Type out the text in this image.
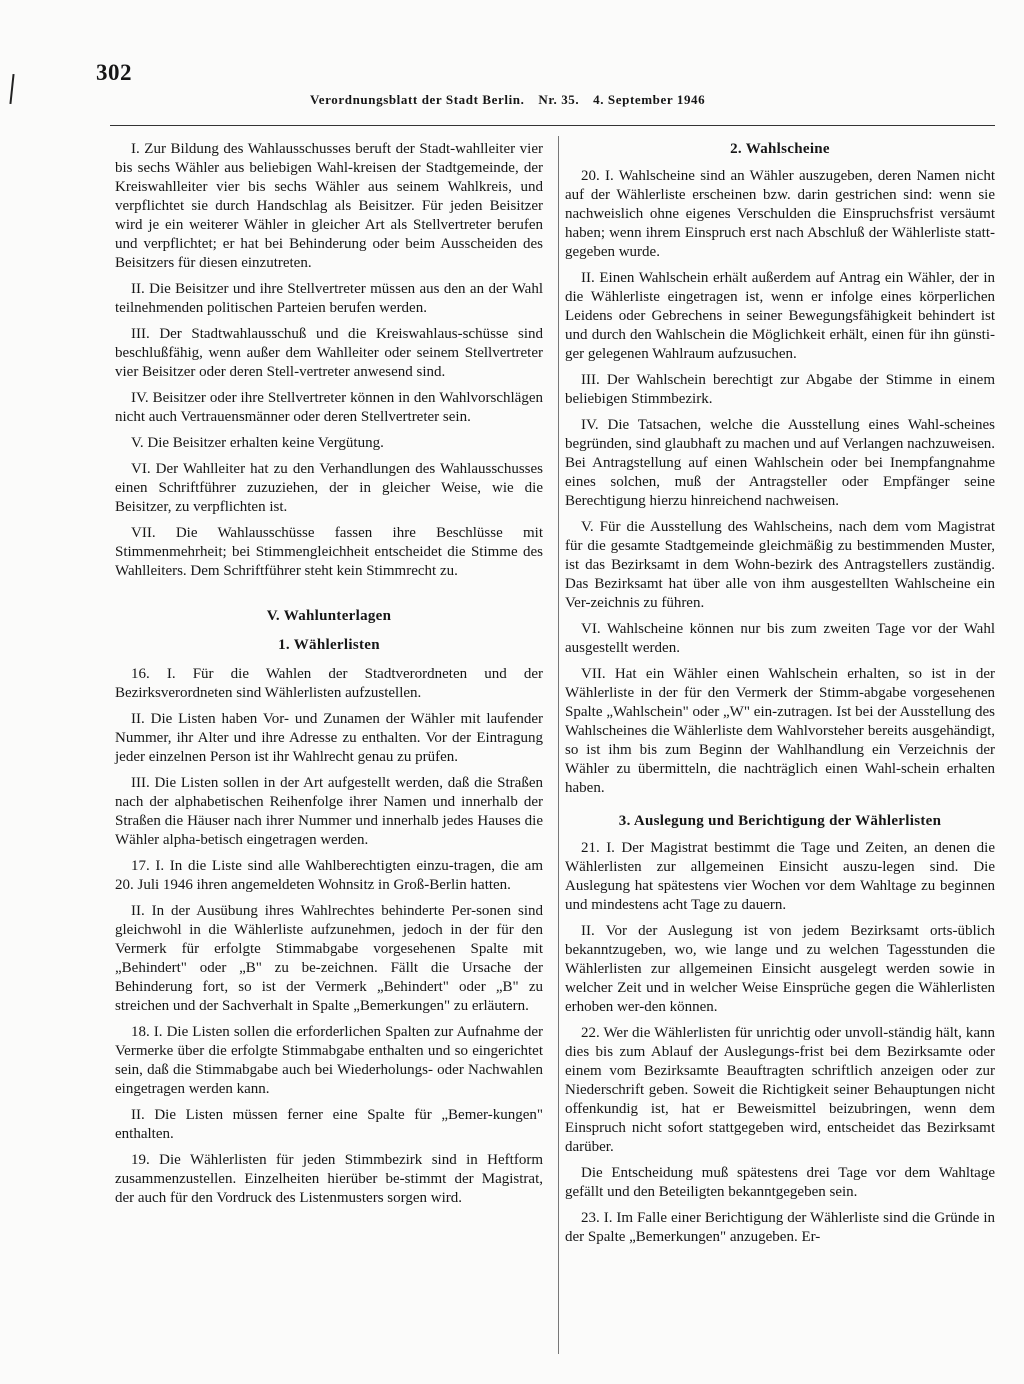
302
Verordnungsblatt der Stadt Berlin. Nr. 35. 4. September 1946

I. Zur Bildung des Wahlausschusses beruft der Stadt-wahlleiter vier bis sechs Wähler aus beliebigen Wahl-kreisen der Stadtgemeinde, der Kreiswahlleiter vier bis sechs Wähler aus seinem Wahlkreis, und verpflichtet sie durch Handschlag als Beisitzer. Für jeden Beisitzer wird je ein weiterer Wähler in gleicher Art als Stellvertreter berufen und verpflichtet; er hat bei Behinderung oder beim Ausscheiden des Beisitzers für diesen einzutreten.

II. Die Beisitzer und ihre Stellvertreter müssen aus den an der Wahl teilnehmenden politischen Parteien berufen werden.

III. Der Stadtwahlausschuß und die Kreiswahlaus-schüsse sind beschlußfähig, wenn außer dem Wahlleiter oder seinem Stellvertreter vier Beisitzer oder deren Stell-vertreter anwesend sind.

IV. Beisitzer oder ihre Stellvertreter können in den Wahlvorschlägen nicht auch Vertrauensmänner oder deren Stellvertreter sein.

V. Die Beisitzer erhalten keine Vergütung.

VI. Der Wahlleiter hat zu den Verhandlungen des Wahlausschusses einen Schriftführer zuzuziehen, der in gleicher Weise, wie die Beisitzer, zu verpflichten ist.

VII. Die Wahlausschüsse fassen ihre Beschlüsse mit Stimmenmehrheit; bei Stimmengleichheit entscheidet die Stimme des Wahlleiters. Dem Schriftführer steht kein Stimmrecht zu.

V. Wahlunterlagen
1. Wählerlisten

16. I. Für die Wahlen der Stadtverordneten und der Bezirksverordneten sind Wählerlisten aufzustellen.

II. Die Listen haben Vor- und Zunamen der Wähler mit laufender Nummer, ihr Alter und ihre Adresse zu enthalten. Vor der Eintragung jeder einzelnen Person ist ihr Wahlrecht genau zu prüfen.

III. Die Listen sollen in der Art aufgestellt werden, daß die Straßen nach der alphabetischen Reihenfolge ihrer Namen und innerhalb der Straßen die Häuser nach ihrer Nummer und innerhalb jedes Hauses die Wähler alpha-betisch eingetragen werden.

17. I. In die Liste sind alle Wahlberechtigten einzu-tragen, die am 20. Juli 1946 ihren angemeldeten Wohnsitz in Groß-Berlin hatten.

II. In der Ausübung ihres Wahlrechtes behinderte Per-sonen sind gleichwohl in die Wählerliste aufzunehmen, jedoch in der für den Vermerk für erfolgte Stimmabgabe vorgesehenen Spalte mit „Behindert" oder „B" zu be-zeichnen. Fällt die Ursache der Behinderung fort, so ist der Vermerk „Behindert" oder „B" zu streichen und der Sachverhalt in Spalte „Bemerkungen" zu erläutern.

18. I. Die Listen sollen die erforderlichen Spalten zur Aufnahme der Vermerke über die erfolgte Stimmabgabe enthalten und so eingerichtet sein, daß die Stimmabgabe auch bei Wiederholungs- oder Nachwahlen eingetragen werden kann.

II. Die Listen müssen ferner eine Spalte für „Bemer-kungen" enthalten.

19. Die Wählerlisten für jeden Stimmbezirk sind in Heftform zusammenzustellen. Einzelheiten hierüber be-stimmt der Magistrat, der auch für den Vordruck des Listenmusters sorgen wird.

2. Wahlscheine

20. I. Wahlscheine sind an Wähler auszugeben, deren Namen nicht auf der Wählerliste erscheinen bzw. darin gestrichen sind: wenn sie nachweislich ohne eigenes Verschulden die Einspruchsfrist versäumt haben; wenn ihrem Einspruch erst nach Abschluß der Wählerliste statt-gegeben wurde.

II. Einen Wahlschein erhält außerdem auf Antrag ein Wähler, der in die Wählerliste eingetragen ist, wenn er infolge eines körperlichen Leidens oder Gebrechens in seiner Bewegungsfähigkeit behindert ist und durch den Wahlschein die Möglichkeit erhält, einen für ihn günsti-ger gelegenen Wahlraum aufzusuchen.

III. Der Wahlschein berechtigt zur Abgabe der Stimme in einem beliebigen Stimmbezirk.

IV. Die Tatsachen, welche die Ausstellung eines Wahl-scheines begründen, sind glaubhaft zu machen und auf Verlangen nachzuweisen. Bei Antragstellung auf einen Wahlschein oder bei Inempfangnahme eines solchen, muß der Antragsteller oder Empfänger seine Berechtigung hierzu hinreichend nachweisen.

V. Für die Ausstellung des Wahlscheins, nach dem vom Magistrat für die gesamte Stadtgemeinde gleichmäßig zu bestimmenden Muster, ist das Bezirksamt in dem Wohn-bezirk des Antragstellers zuständig. Das Bezirksamt hat über alle von ihm ausgestellten Wahlscheine ein Ver-zeichnis zu führen.

VI. Wahlscheine können nur bis zum zweiten Tage vor der Wahl ausgestellt werden.

VII. Hat ein Wähler einen Wahlschein erhalten, so ist in der Wählerliste in der für den Vermerk der Stimm-abgabe vorgesehenen Spalte „Wahlschein" oder „W" ein-zutragen. Ist bei der Ausstellung des Wahlscheines die Wählerliste dem Wahlvorsteher bereits ausgehändigt, so ist ihm bis zum Beginn der Wahlhandlung ein Verzeichnis der Wähler zu übermitteln, die nachträglich einen Wahl-schein erhalten haben.

3. Auslegung und Berichtigung der Wählerlisten

21. I. Der Magistrat bestimmt die Tage und Zeiten, an denen die Wählerlisten zur allgemeinen Einsicht auszu-legen sind. Die Auslegung hat spätestens vier Wochen vor dem Wahltage zu beginnen und mindestens acht Tage zu dauern.

II. Vor der Auslegung ist von jedem Bezirksamt orts-üblich bekanntzugeben, wo, wie lange und zu welchen Tagesstunden die Wählerlisten zur allgemeinen Einsicht ausgelegt werden sowie in welcher Zeit und in welcher Weise Einsprüche gegen die Wählerlisten erhoben wer-den können.

22. Wer die Wählerlisten für unrichtig oder unvoll-ständig hält, kann dies bis zum Ablauf der Auslegungs-frist bei dem Bezirksamte oder einem vom Bezirksamte Beauftragten schriftlich anzeigen oder zur Niederschrift geben. Soweit die Richtigkeit seiner Behauptungen nicht offenkundig ist, hat er Beweismittel beizubringen, wenn dem Einspruch nicht sofort stattgegeben wird, entscheidet das Bezirksamt darüber.

Die Entscheidung muß spätestens drei Tage vor dem Wahltage gefällt und den Beteiligten bekanntgegeben sein.

23. I. Im Falle einer Berichtigung der Wählerliste sind die Gründe in der Spalte „Bemerkungen" anzugeben. Er-
